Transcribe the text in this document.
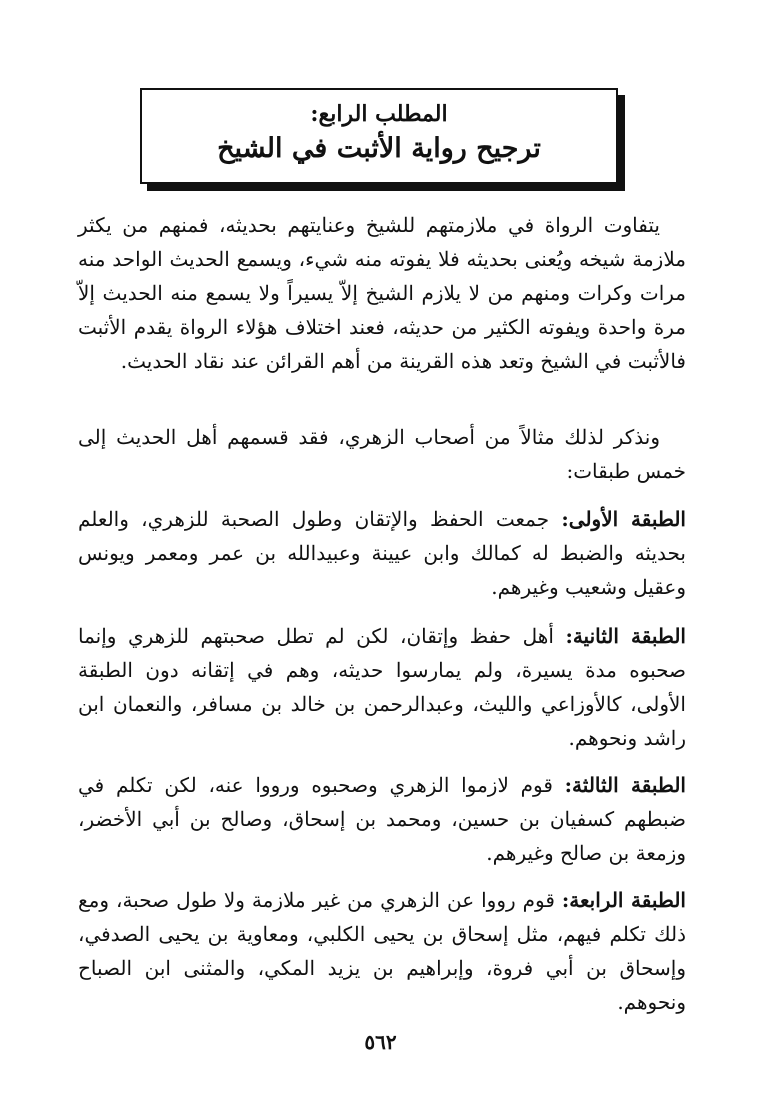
المطلب الرابع:
ترجيح رواية الأثبت في الشيخ
يتفاوت الرواة في ملازمتهم للشيخ وعنايتهم بحديثه، فمنهم من يكثر ملازمة شيخه ويُعنى بحديثه فلا يفوته منه شيء، ويسمع الحديث الواحد منه مرات وكرات ومنهم من لا يلازم الشيخ إلاّ يسيراً ولا يسمع منه الحديث إلاّ مرة واحدة ويفوته الكثير من حديثه، فعند اختلاف هؤلاء الرواة يقدم الأثبت فالأثبت في الشيخ وتعد هذه القرينة من أهم القرائن عند نقاد الحديث.
ونذكر لذلك مثالاً من أصحاب الزهري، فقد قسمهم أهل الحديث إلى خمس طبقات:
الطبقة الأولى: جمعت الحفظ والإتقان وطول الصحبة للزهري، والعلم بحديثه والضبط له كمالك وابن عيينة وعبيدالله بن عمر ومعمر ويونس وعقيل وشعيب وغيرهم.
الطبقة الثانية: أهل حفظ وإتقان، لكن لم تطل صحبتهم للزهري وإنما صحبوه مدة يسيرة، ولم يمارسوا حديثه، وهم في إتقانه دون الطبقة الأولى، كالأوزاعي والليث، وعبدالرحمن بن خالد بن مسافر، والنعمان ابن راشد ونحوهم.
الطبقة الثالثة: قوم لازموا الزهري وصحبوه ورووا عنه، لكن تكلم في ضبطهم كسفيان بن حسين، ومحمد بن إسحاق، وصالح بن أبي الأخضر، وزمعة بن صالح وغيرهم.
الطبقة الرابعة: قوم رووا عن الزهري من غير ملازمة ولا طول صحبة، ومع ذلك تكلم فيهم، مثل إسحاق بن يحيى الكلبي، ومعاوية بن يحيى الصدفي، وإسحاق بن أبي فروة، وإبراهيم بن يزيد المكي، والمثنى ابن الصباح ونحوهم.
٥٦٢
